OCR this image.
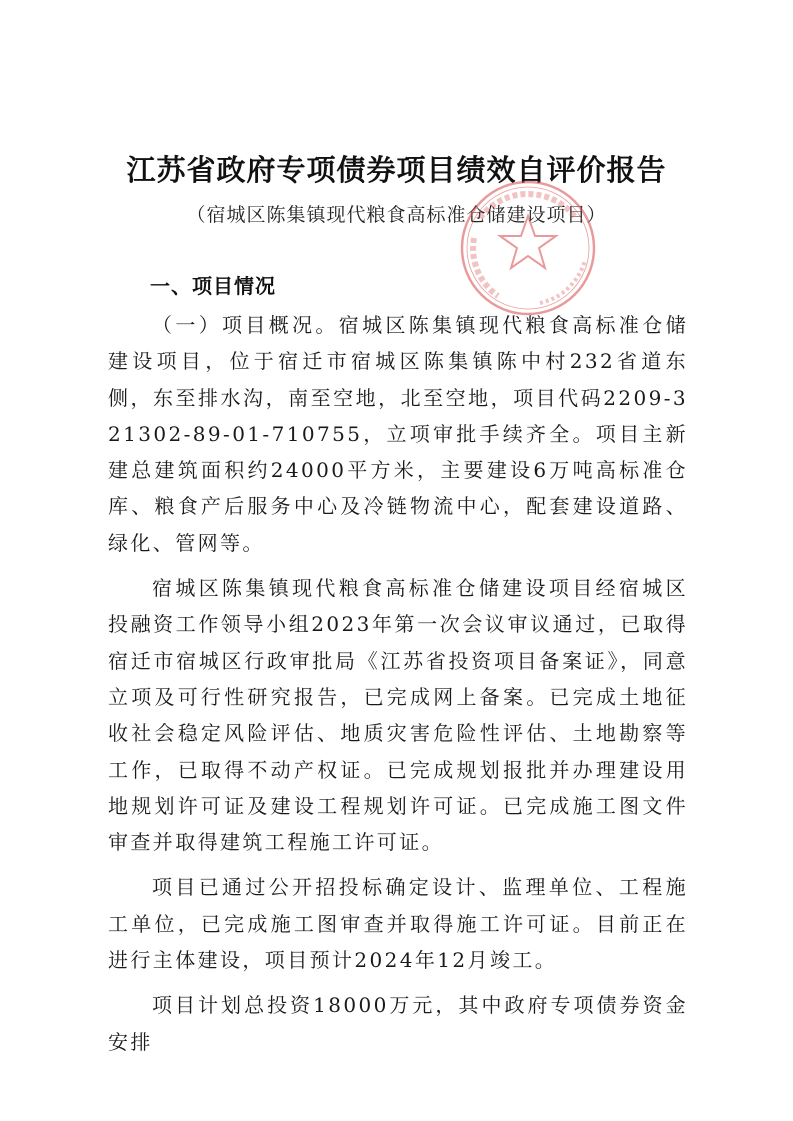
江苏省政府专项债券项目绩效自评价报告
（宿城区陈集镇现代粮食高标准仓储建设项目）
一、项目情况

（一）项目概况。宿城区陈集镇现代粮食高标准仓储建设项目，位于宿迁市宿城区陈集镇陈中村232省道东侧，东至排水沟，南至空地，北至空地，项目代码2209-321302-89-01-710755，立项审批手续齐全。项目主新建总建筑面积约24000平方米，主要建设6万吨高标准仓库、粮食产后服务中心及冷链物流中心，配套建设道路、绿化、管网等。

宿城区陈集镇现代粮食高标准仓储建设项目经宿城区投融资工作领导小组2023年第一次会议审议通过，已取得宿迁市宿城区行政审批局《江苏省投资项目备案证》，同意立项及可行性研究报告，已完成网上备案。已完成土地征收社会稳定风险评估、地质灾害危险性评估、土地勘察等工作，已取得不动产权证。已完成规划报批并办理建设用地规划许可证及建设工程规划许可证。已完成施工图文件审查并取得建筑工程施工许可证。

项目已通过公开招投标确定设计、监理单位、工程施工单位，已完成施工图审查并取得施工许可证。目前正在进行主体建设，项目预计2024年12月竣工。

项目计划总投资18000万元，其中政府专项债券资金安排
